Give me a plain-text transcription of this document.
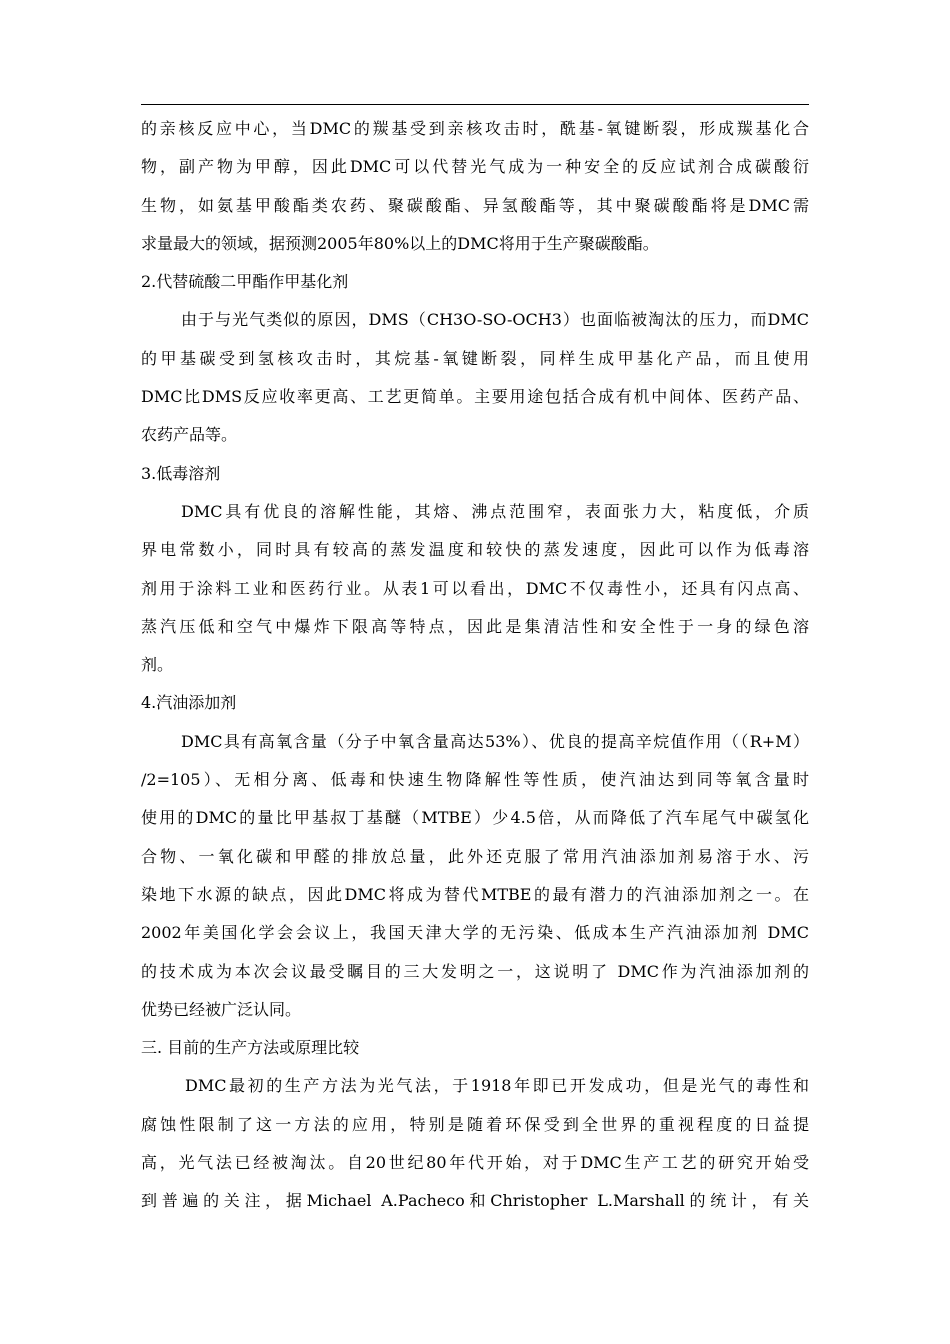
的亲核反应中心，当DMC的羰基受到亲核攻击时，酰基-氧键断裂，形成羰基化合
物，副产物为甲醇，因此DMC可以代替光气成为一种安全的反应试剂合成碳酸衍
生物，如氨基甲酸酯类农药、聚碳酸酯、异氢酸酯等，其中聚碳酸酯将是DMC需
求量最大的领域，据预测2005年80%以上的DMC将用于生产聚碳酸酯。
2.代替硫酸二甲酯作甲基化剂
由于与光气类似的原因，DMS（CH3O-SO-OCH3）也面临被淘汰的压力，而DMC
的甲基碳受到氢核攻击时，其烷基-氧键断裂，同样生成甲基化产品，而且使用
DMC比DMS反应收率更高、工艺更简单。主要用途包括合成有机中间体、医药产品、
农药产品等。
3.低毒溶剂
DMC具有优良的溶解性能，其熔、沸点范围窄，表面张力大，粘度低，介质
界电常数小，同时具有较高的蒸发温度和较快的蒸发速度，因此可以作为低毒溶
剂用于涂料工业和医药行业。从表1可以看出，DMC不仅毒性小，还具有闪点高、
蒸汽压低和空气中爆炸下限高等特点，因此是集清洁性和安全性于一身的绿色溶
剂。
4.汽油添加剂
DMC具有高氧含量（分子中氧含量高达53%）、优良的提高辛烷值作用（（R+M）
/2=105）、无相分离、低毒和快速生物降解性等性质，使汽油达到同等氧含量时
使用的DMC的量比甲基叔丁基醚（MTBE）少4.5倍，从而降低了汽车尾气中碳氢化
合物、一氧化碳和甲醛的排放总量，此外还克服了常用汽油添加剂易溶于水、污
染地下水源的缺点，因此DMC将成为替代MTBE的最有潜力的汽油添加剂之一。在
2002年美国化学会会议上，我国天津大学的无污染、低成本生产汽油添加剂 DMC
的技术成为本次会议最受瞩目的三大发明之一，这说明了 DMC作为汽油添加剂的
优势已经被广泛认同。
三. 目前的生产方法或原理比较
DMC最初的生产方法为光气法，于1918年即已开发成功，但是光气的毒性和
腐蚀性限制了这一方法的应用，特别是随着环保受到全世界的重视程度的日益提
高，光气法已经被淘汰。自20世纪80年代开始，对于DMC生产工艺的研究开始受
到普遍的关注，据Michael A.Pacheco和Christopher L.Marshall的统计，有关
